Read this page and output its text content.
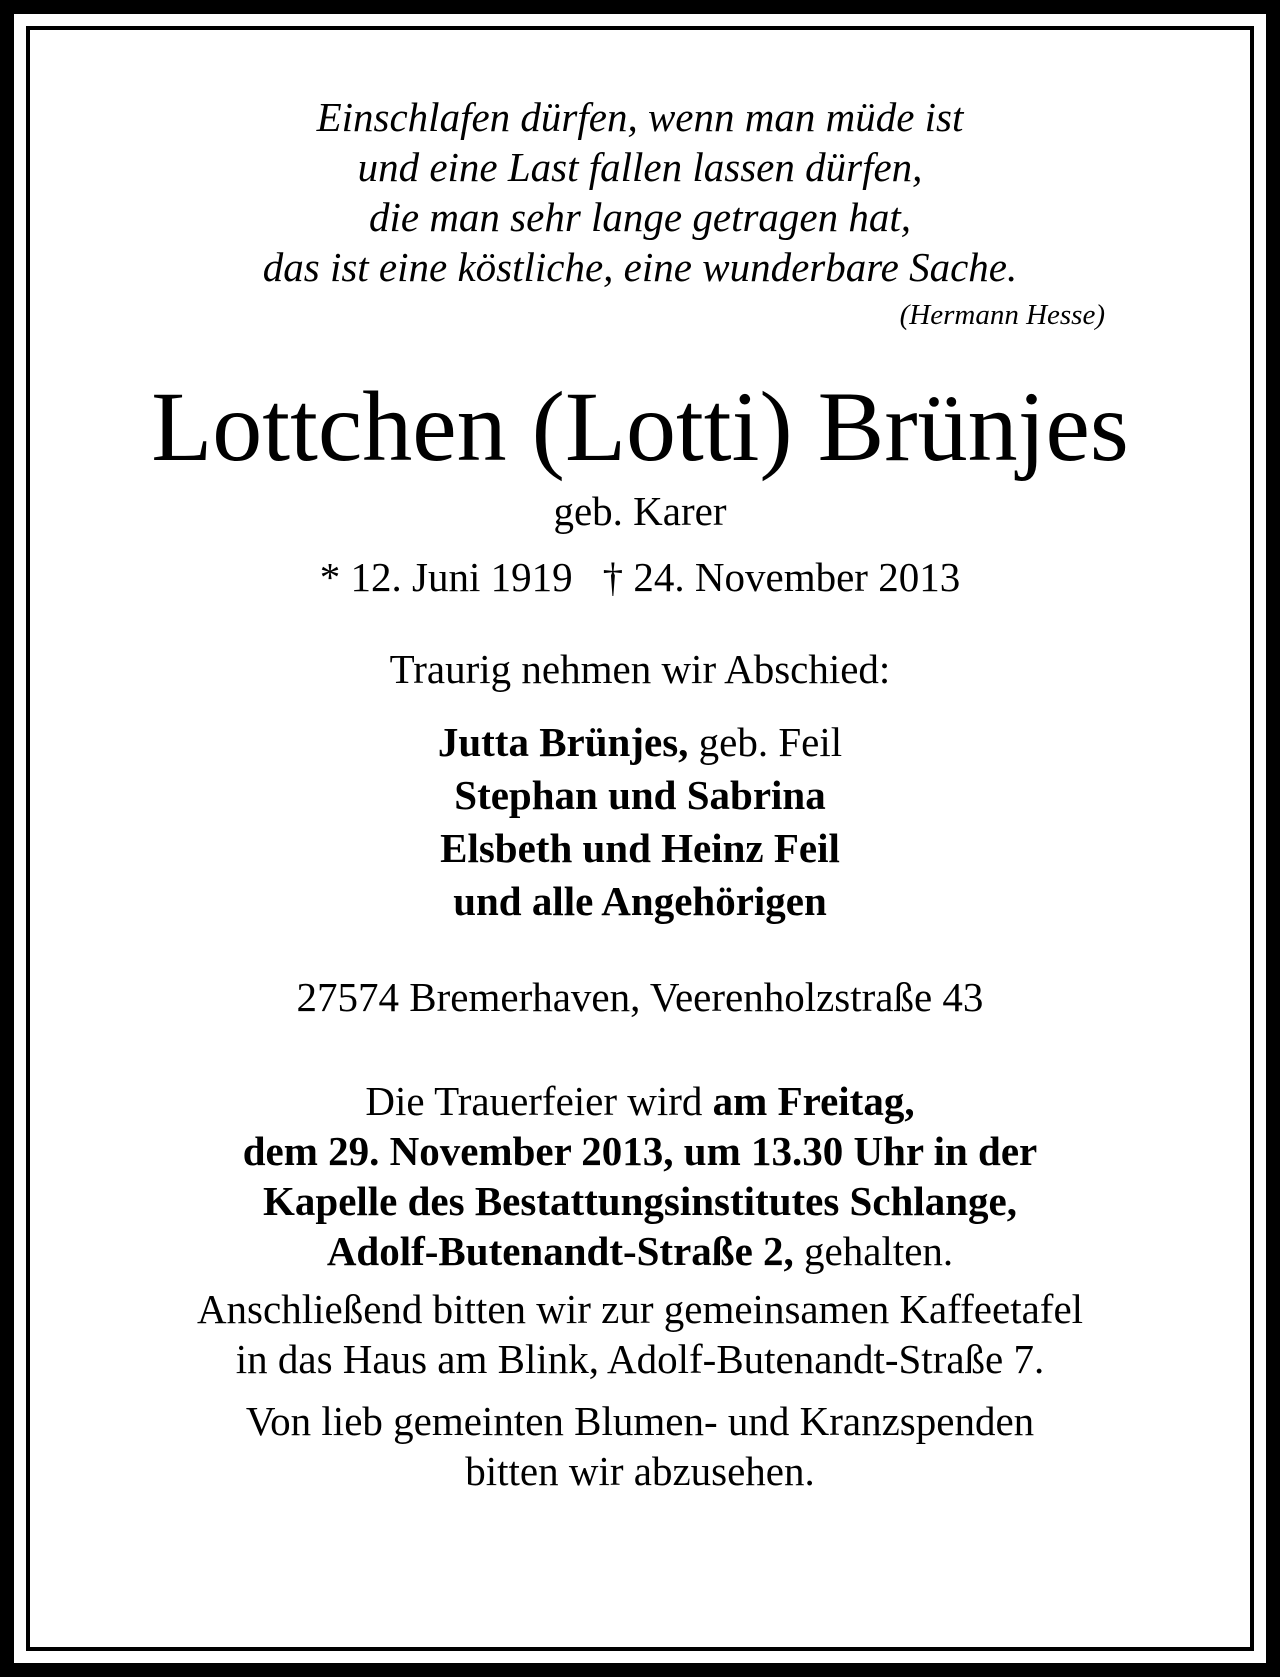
Einschlafen dürfen, wenn man müde ist
und eine Last fallen lassen dürfen,
die man sehr lange getragen hat,
das ist eine köstliche, eine wunderbare Sache.
(Hermann Hesse)
Lottchen (Lotti) Brünjes
geb. Karer
* 12. Juni 1919 † 24. November 2013
Traurig nehmen wir Abschied:
Jutta Brünjes, geb. Feil
Stephan und Sabrina
Elsbeth und Heinz Feil
und alle Angehörigen
27574 Bremerhaven, Veerenholzstraße 43
Die Trauerfeier wird am Freitag,
dem 29. November 2013, um 13.30 Uhr in der
Kapelle des Bestattungsinstitutes Schlange,
Adolf-Butenandt-Straße 2, gehalten.
Anschließend bitten wir zur gemeinsamen Kaffeetafel
in das Haus am Blink, Adolf-Butenandt-Straße 7.
Von lieb gemeinten Blumen- und Kranzspenden
bitten wir abzusehen.
